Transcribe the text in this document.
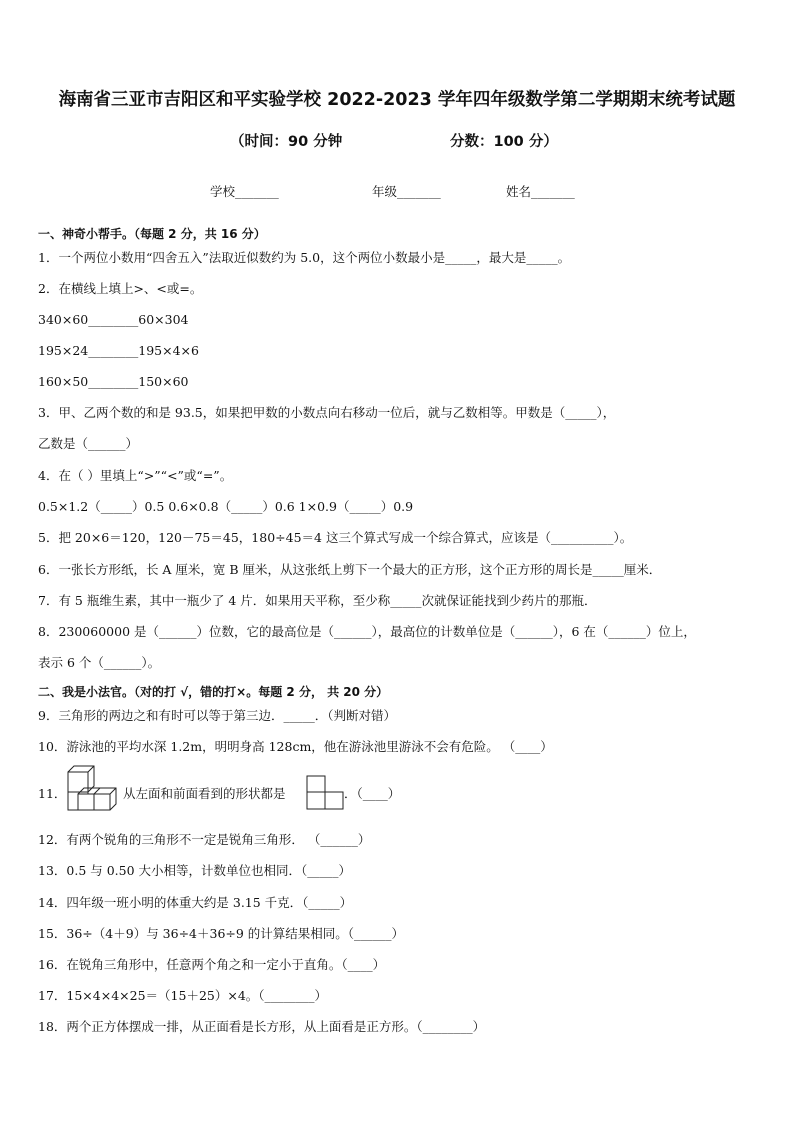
海南省三亚市吉阳区和平实验学校 2022-2023 学年四年级数学第二学期期末统考试题
（时间：90 分钟	分数：100 分）
学校_______	年级_______	姓名_______
一、神奇小帮手。（每题 2 分，共 16 分）
1．一个两位小数用“四舍五入”法取近似数约为 5.0，这个两位小数最小是_____，最大是_____。
2．在横线上填上>、<或=。
340×60________60×304
195×24________195×4×6
160×50________150×60
3．甲、乙两个数的和是 93.5，如果把甲数的小数点向右移动一位后，就与乙数相等。甲数是（_____），
乙数是（______）
4．在（ ）里填上“>”“<”或“=”。
0.5×1.2（_____）0.5 0.6×0.8（_____）0.6 1×0.9（_____）0.9
5．把 20×6＝120，120－75＝45，180÷45＝4 这三个算式写成一个综合算式，应该是（__________）。
6．一张长方形纸，长 A 厘米，宽 B 厘米，从这张纸上剪下一个最大的正方形，这个正方形的周长是_____厘米．
7．有 5 瓶维生素，其中一瓶少了 4 片．如果用天平称，至少称_____次就保证能找到少药片的那瓶．
8．230060000 是（______）位数，它的最高位是（______），最高位的计数单位是（______），6 在（______）位上，
表示 6 个（______）。
二、我是小法官。（对的打 √，错的打×。每题 2 分， 共 20 分）
9．三角形的两边之和有时可以等于第三边．_____．（判断对错）
10．游泳池的平均水深 1.2m，明明身高 128cm，他在游泳池里游泳不会有危险。 （____）
11．	从左面和前面看到的形状都是	．（____）
12．有两个锐角的三角形不一定是锐角三角形． （______）
13．0.5 与 0.50 大小相等，计数单位也相同．（_____）
14．四年级一班小明的体重大约是 3.15 千克．（_____）
15．36÷（4＋9）与 36÷4＋36÷9 的计算结果相同。（______）
16．在锐角三角形中，任意两个角之和一定小于直角。（____）
17．15×4×4×25＝（15＋25）×4。（________）
18．两个正方体摆成一排，从正面看是长方形，从上面看是正方形。（________）
